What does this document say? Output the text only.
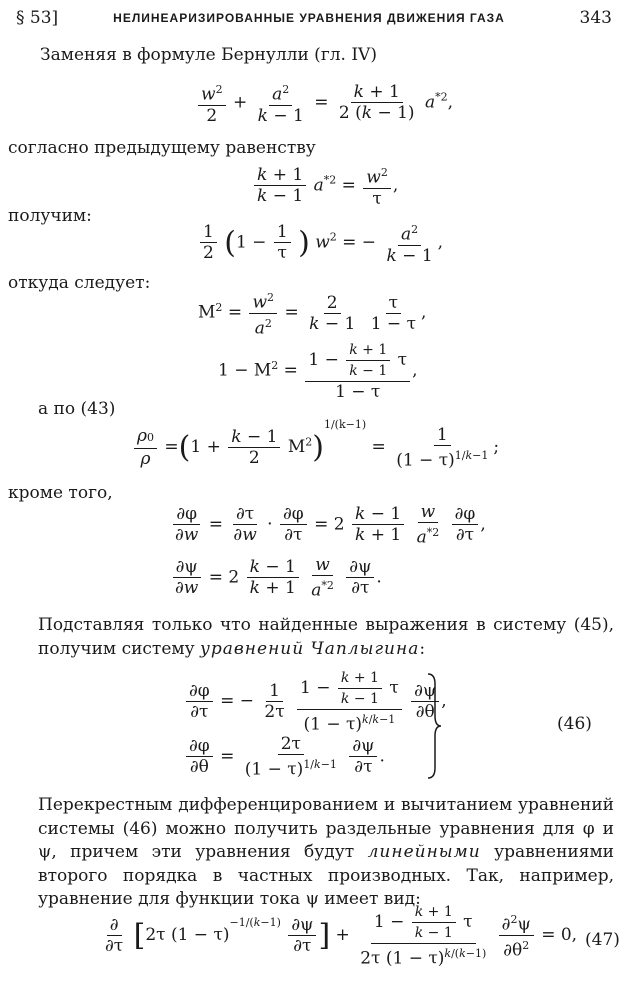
§ 53]	НЕЛИНЕАРИЗИРОВАННЫЕ УРАВНЕНИЯ ДВИЖЕНИЯ ГАЗА	343
Заменяя в формуле Бернулли (гл. IV)
$\frac{w^2}{2} + \frac{a^2}{k - 1} = \frac{k + 1}{2 (k - 1)} a^{*2}$,
согласно предыдущему равенству
$\frac{k + 1}{k - 1} a^{*2} = \frac{w^2}{\tau}$ ,
получим:
$\frac{1}{2} (1 - \frac{1}{\tau}$ ) $w^2$ = − $\frac{a^2}{k - 1}$ ,
откуда следует:
$M^2 = \frac{w^2}{a^2} = \frac{2}{k - 1}$
$\frac{\tau}{1 - \tau}$ ,
$1 - M^2 = \frac{1 - \frac{k + 1}{k - 1} \tau}{1 - \tau}$ ,
а по (43)
$\frac{\rho 0}{\rho} =(1 + \frac{k - 1}{2} M^2)^{1/(k-1)} = \frac{1}{(1 - \tau)^{1/k-1}}$ ;
кроме того,
$\frac{\partial\varphi}{\partial w} = \frac{\partial\tau}{\partial w} \cdot \frac{\partial\varphi}{\partial\tau} = 2 \frac{k - 1}{k + 1}$
$\frac{w}{a^{*2}}$
$\frac{\partial\varphi}{\partial\tau}$ ,
$\frac{\partial\psi}{\partial w} = 2 \frac{k - 1}{k + 1}$
$\frac{w}{a^{*2}}$
$\frac{\partial\psi}{\partial\tau}$ .
Подставляя только что найденные выражения в систему (45), получим систему уравнений Чаплыгина:
$\frac{\partial\varphi}{\partial\tau}$ = − $\frac{1}{2\tau}$
$\frac{1 - \frac{k + 1}{k - 1} \tau}{(1 - \tau)^{k/k-1}}$
$\frac{\partial\psi}{\partial\theta}$ ,
$\frac{\partial\varphi}{\partial\theta} = \frac{2\tau}{(1 - \tau)^{1/k-1}}$
$\frac{\partial\psi}{\partial\tau}$ .
(46)
Перекрестным дифференцированием и вычитанием уравнений системы (46) можно получить раздельные уравнения для φ и ψ, причем эти уравнения будут линейными уравнениями второго порядка в частных производных. Так, например, уравнение для функции тока ψ имеет вид:
$\frac{\partial}{\partial\tau} [2\tau$ $(1 - \tau)^{-1/(k-1)} \frac{\partial\psi}{\partial\tau}$ ] + $\frac{1 - \frac{k + 1}{k - 1} \tau}{2\tau (1 - \tau)^{k/(k-1)}}$
$\frac{\partial^2\psi}{\partial\theta^2} = 0$, (47)
